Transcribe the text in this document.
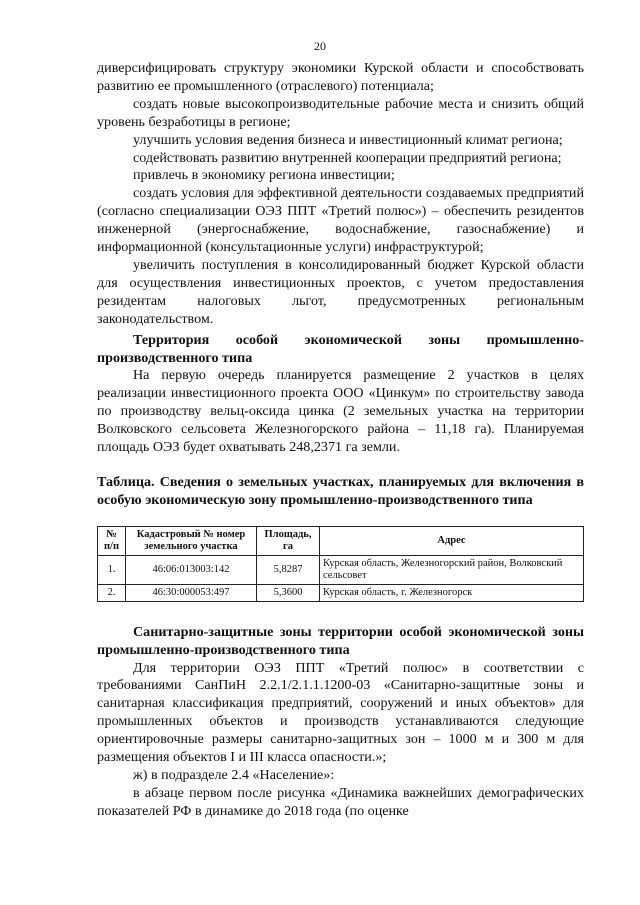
20

диверсифицировать структуру экономики Курской области и способствовать развитию ее промышленного (отраслевого) потенциала;

создать новые высокопроизводительные рабочие места и снизить общий уровень безработицы в регионе;

улучшить условия ведения бизнеса и инвестиционный климат региона;

содействовать развитию внутренней кооперации предприятий региона;

привлечь в экономику региона инвестиции;

создать условия для эффективной деятельности создаваемых предприятий (согласно специализации ОЭЗ ППТ «Третий полюс») – обеспечить резидентов инженерной (энергоснабжение, водоснабжение, газоснабжение) и информационной (консультационные услуги) инфраструктурой;

увеличить поступления в консолидированный бюджет Курской области для осуществления инвестиционных проектов, с учетом предоставления резидентам налоговых льгот, предусмотренных региональным законодательством.

Территория особой экономической зоны промышленно-производственного типа

На первую очередь планируется размещение 2 участков в целях реализации инвестиционного проекта ООО «Цинкум» по строительству завода по производству вельц-оксида цинка (2 земельных участка на территории Волковского сельсовета Железногорского района – 11,18 га). Планируемая площадь ОЭЗ будет охватывать 248,2371 га земли.

Таблица. Сведения о земельных участках, планируемых для включения в особую экономическую зону промышленно-производственного типа

№ п/п	Кадастровый № номер земельного участка	Площадь, га	Адрес
1.	46:06:013003:142	5,8287	Курская область, Железногорский район, Волковский сельсовет
2.	46:30:000053:497	5,3600	Курская область, г. Железногорск

Санитарно-защитные зоны территории особой экономической зоны промышленно-производственного типа

Для территории ОЭЗ ППТ «Третий полюс» в соответствии с требованиями СанПиН 2.2.1/2.1.1.1200-03 «Санитарно-защитные зоны и санитарная классификация предприятий, сооружений и иных объектов» для промышленных объектов и производств устанавливаются следующие ориентировочные размеры санитарно-защитных зон – 1000 м и 300 м для размещения объектов I и III класса опасности.»;

ж) в подразделе 2.4 «Население»:

в абзаце первом после рисунка «Динамика важнейших демографических показателей РФ в динамике до 2018 года (по оценке
